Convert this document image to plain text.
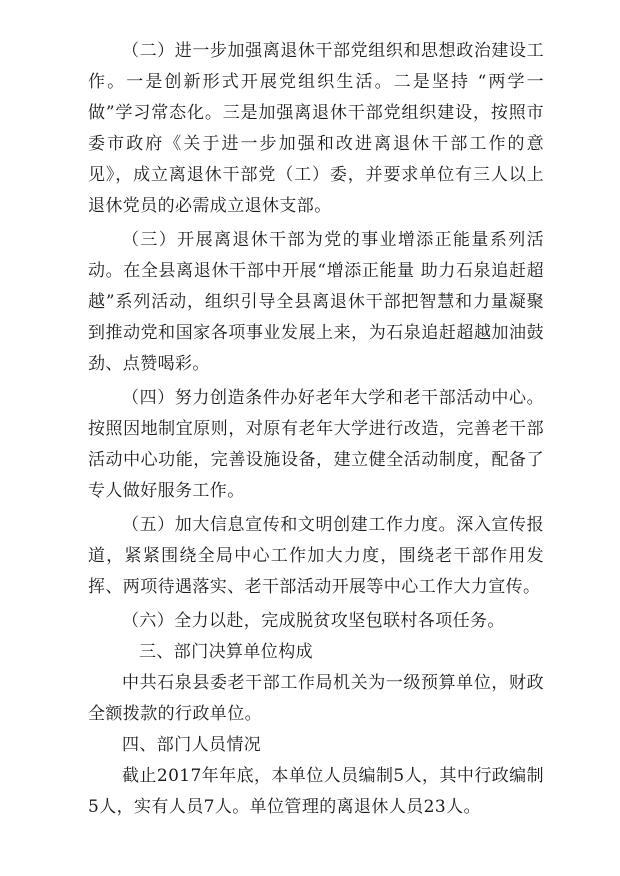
（二）进一步加强离退休干部党组织和思想政治建设工作。一是创新形式开展党组织生活。二是坚持 “两学一做”学习常态化。三是加强离退休干部党组织建设，按照市委市政府《关于进一步加强和改进离退休干部工作的意见》，成立离退休干部党（工）委，并要求单位有三人以上退休党员的必需成立退休支部。

（三）开展离退休干部为党的事业增添正能量系列活动。在全县离退休干部中开展“增添正能量 助力石泉追赶超越”系列活动，组织引导全县离退休干部把智慧和力量凝聚到推动党和国家各项事业发展上来，为石泉追赶超越加油鼓劲、点赞喝彩。

（四）努力创造条件办好老年大学和老干部活动中心。按照因地制宜原则，对原有老年大学进行改造，完善老干部活动中心功能，完善设施设备，建立健全活动制度，配备了专人做好服务工作。

（五）加大信息宣传和文明创建工作力度。深入宣传报道，紧紧围绕全局中心工作加大力度，围绕老干部作用发挥、两项待遇落实、老干部活动开展等中心工作大力宣传。

（六）全力以赴，完成脱贫攻坚包联村各项任务。

三、部门决算单位构成

中共石泉县委老干部工作局机关为一级预算单位，财政全额拨款的行政单位。

四、部门人员情况

截止2017年年底，本单位人员编制5人，其中行政编制5人，实有人员7人。单位管理的离退休人员23人。
